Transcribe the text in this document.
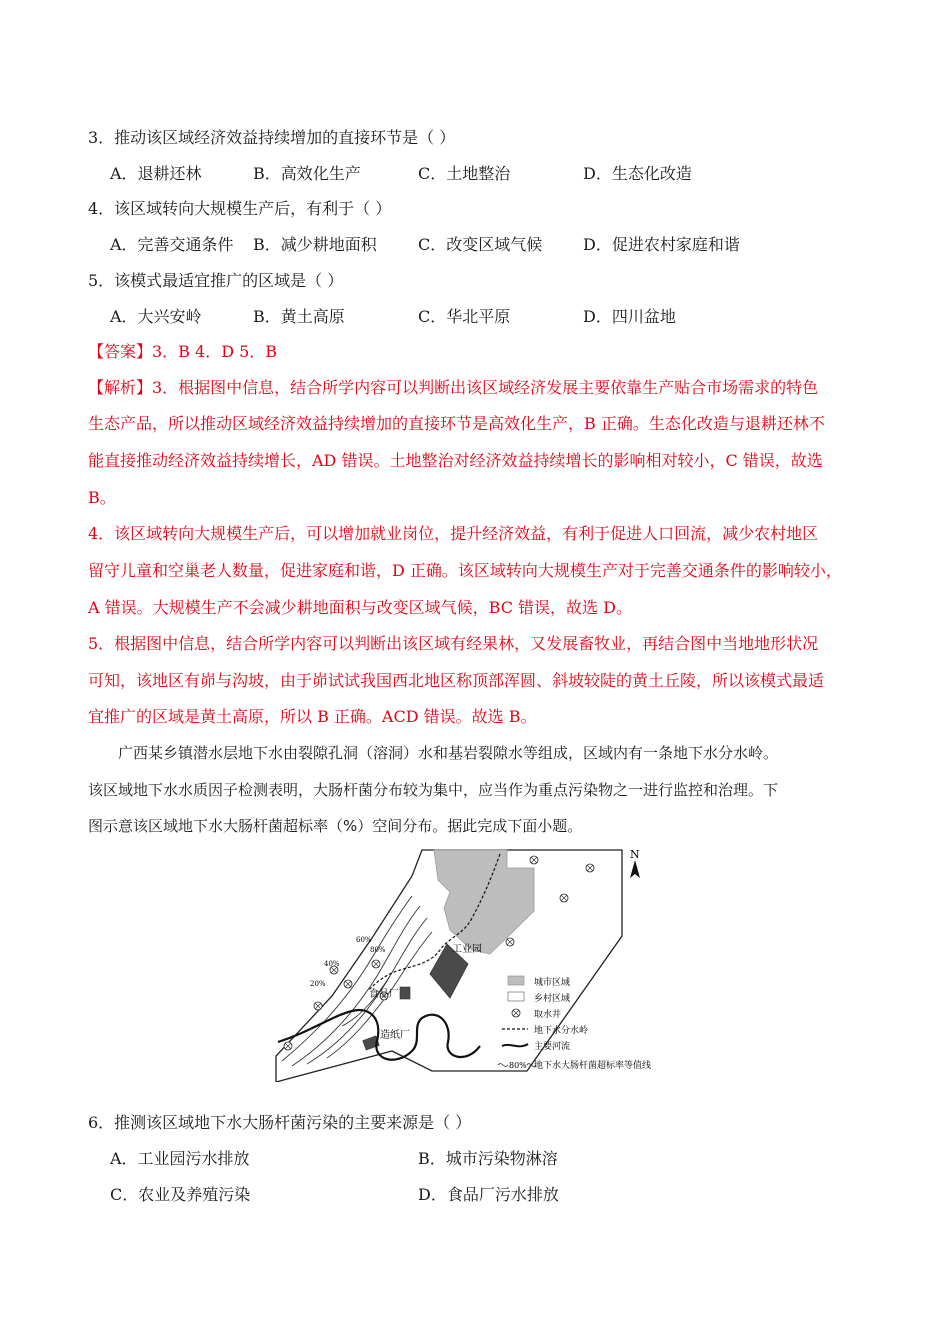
3．推动该区域经济效益持续增加的直接环节是（ ）
A．退耕还林	B．高效化生产	C．土地整治	D．生态化改造
4．该区域转向大规模生产后，有利于（ ）
A．完善交通条件 B．减少耕地面积	C．改变区域气候	D．促进农村家庭和谐
5．该模式最适宜推广的区域是（ ）
A．大兴安岭	B．黄土高原	C．华北平原	D．四川盆地
【答案】3．B 4．D 5．B
【解析】3．根据图中信息，结合所学内容可以判断出该区域经济发展主要依靠生产贴合市场需求的特色
生态产品，所以推动区域经济效益持续增加的直接环节是高效化生产，B 正确。生态化改造与退耕还林不
能直接推动经济效益持续增长，AD 错误。土地整治对经济效益持续增长的影响相对较小，C 错误，故选
B。
4．该区域转向大规模生产后，可以增加就业岗位，提升经济效益，有利于促进人口回流，减少农村地区
留守儿童和空巢老人数量，促进家庭和谐，D 正确。该区域转向大规模生产对于完善交通条件的影响较小，
A 错误。大规模生产不会减少耕地面积与改变区域气候，BC 错误，故选 D。
5．根据图中信息，结合所学内容可以判断出该区域有经果林，又发展畜牧业，再结合图中当地地形状况
可知，该地区有峁与沟坡，由于峁试试我国西北地区称顶部浑圆、斜坡较陡的黄土丘陵，所以该模式最适
宜推广的区域是黄土高原，所以 B 正确。ACD 错误。故选 B。
广西某乡镇潜水层地下水由裂隙孔洞（溶洞）水和基岩裂隙水等组成，区域内有一条地下水分水岭。
该区域地下水水质因子检测表明，大肠杆菌分布较为集中，应当作为重点污染物之一进行监控和治理。下
图示意该区域地下水大肠杆菌超标率（%）空间分布。据此完成下面小题。
N
工业园
食品厂
造纸厂
20%
40%
60%
80%
城市区域
乡村区域
取水井
地下水分水岭
主要河流
80% 地下水大肠杆菌超标率等值线
6．推测该区域地下水大肠杆菌污染的主要来源是（ ）
A．工业园污水排放	B．城市污染物淋溶
C．农业及养殖污染	D．食品厂污水排放
